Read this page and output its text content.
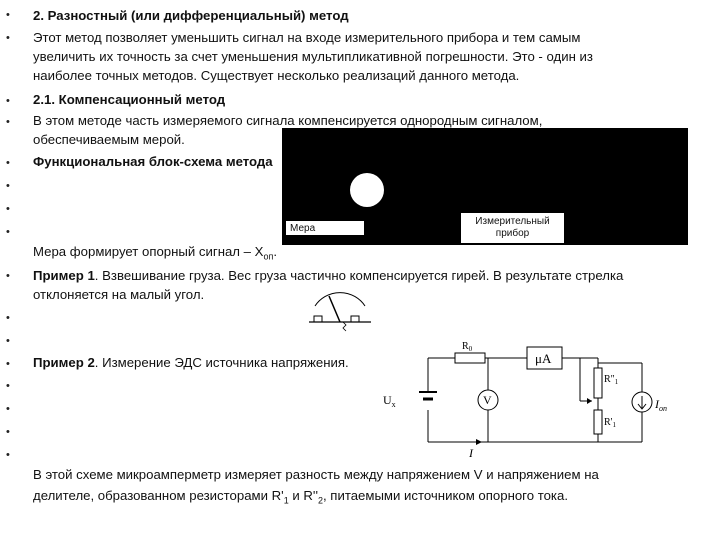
•
•
•
•
•
•
•
•
•
•
•
•
•
•
•
•

2. Разностный (или дифференциальный) метод

Этот метод позволяет уменьшить сигнал на входе измерительного прибора и тем самым

увеличить их точность за счет уменьшения мультипликативной погрешности. Это - один из

наиболее точных методов. Существует несколько реализаций данного метода.

2.1. Компенсационный метод

В этом методе часть измеряемого сигнала компенсируется однородным сигналом,

обеспечиваемым мерой.

Функциональная блок-схема метода

Мера
Измерительный
прибор

Мера формирует опорный сигнал – $X_{оп}$.

Пример 1. Взвешивание груза. Вес груза частично компенсируется гирей. В результате стрелка

отклоняется на малый угол.

Пример 2. Измерение ЭДС источника напряжения.

$R_0$
μA
V
$U_x$
$R"_1$
$R'_1$
$I_{оп}$
I

В этой схеме микроамперметр измеряет разность между напряжением V и напряжением на

делителе, образованном резисторами $R'_1$ и $R''_2$, питаемыми источником опорного тока.
